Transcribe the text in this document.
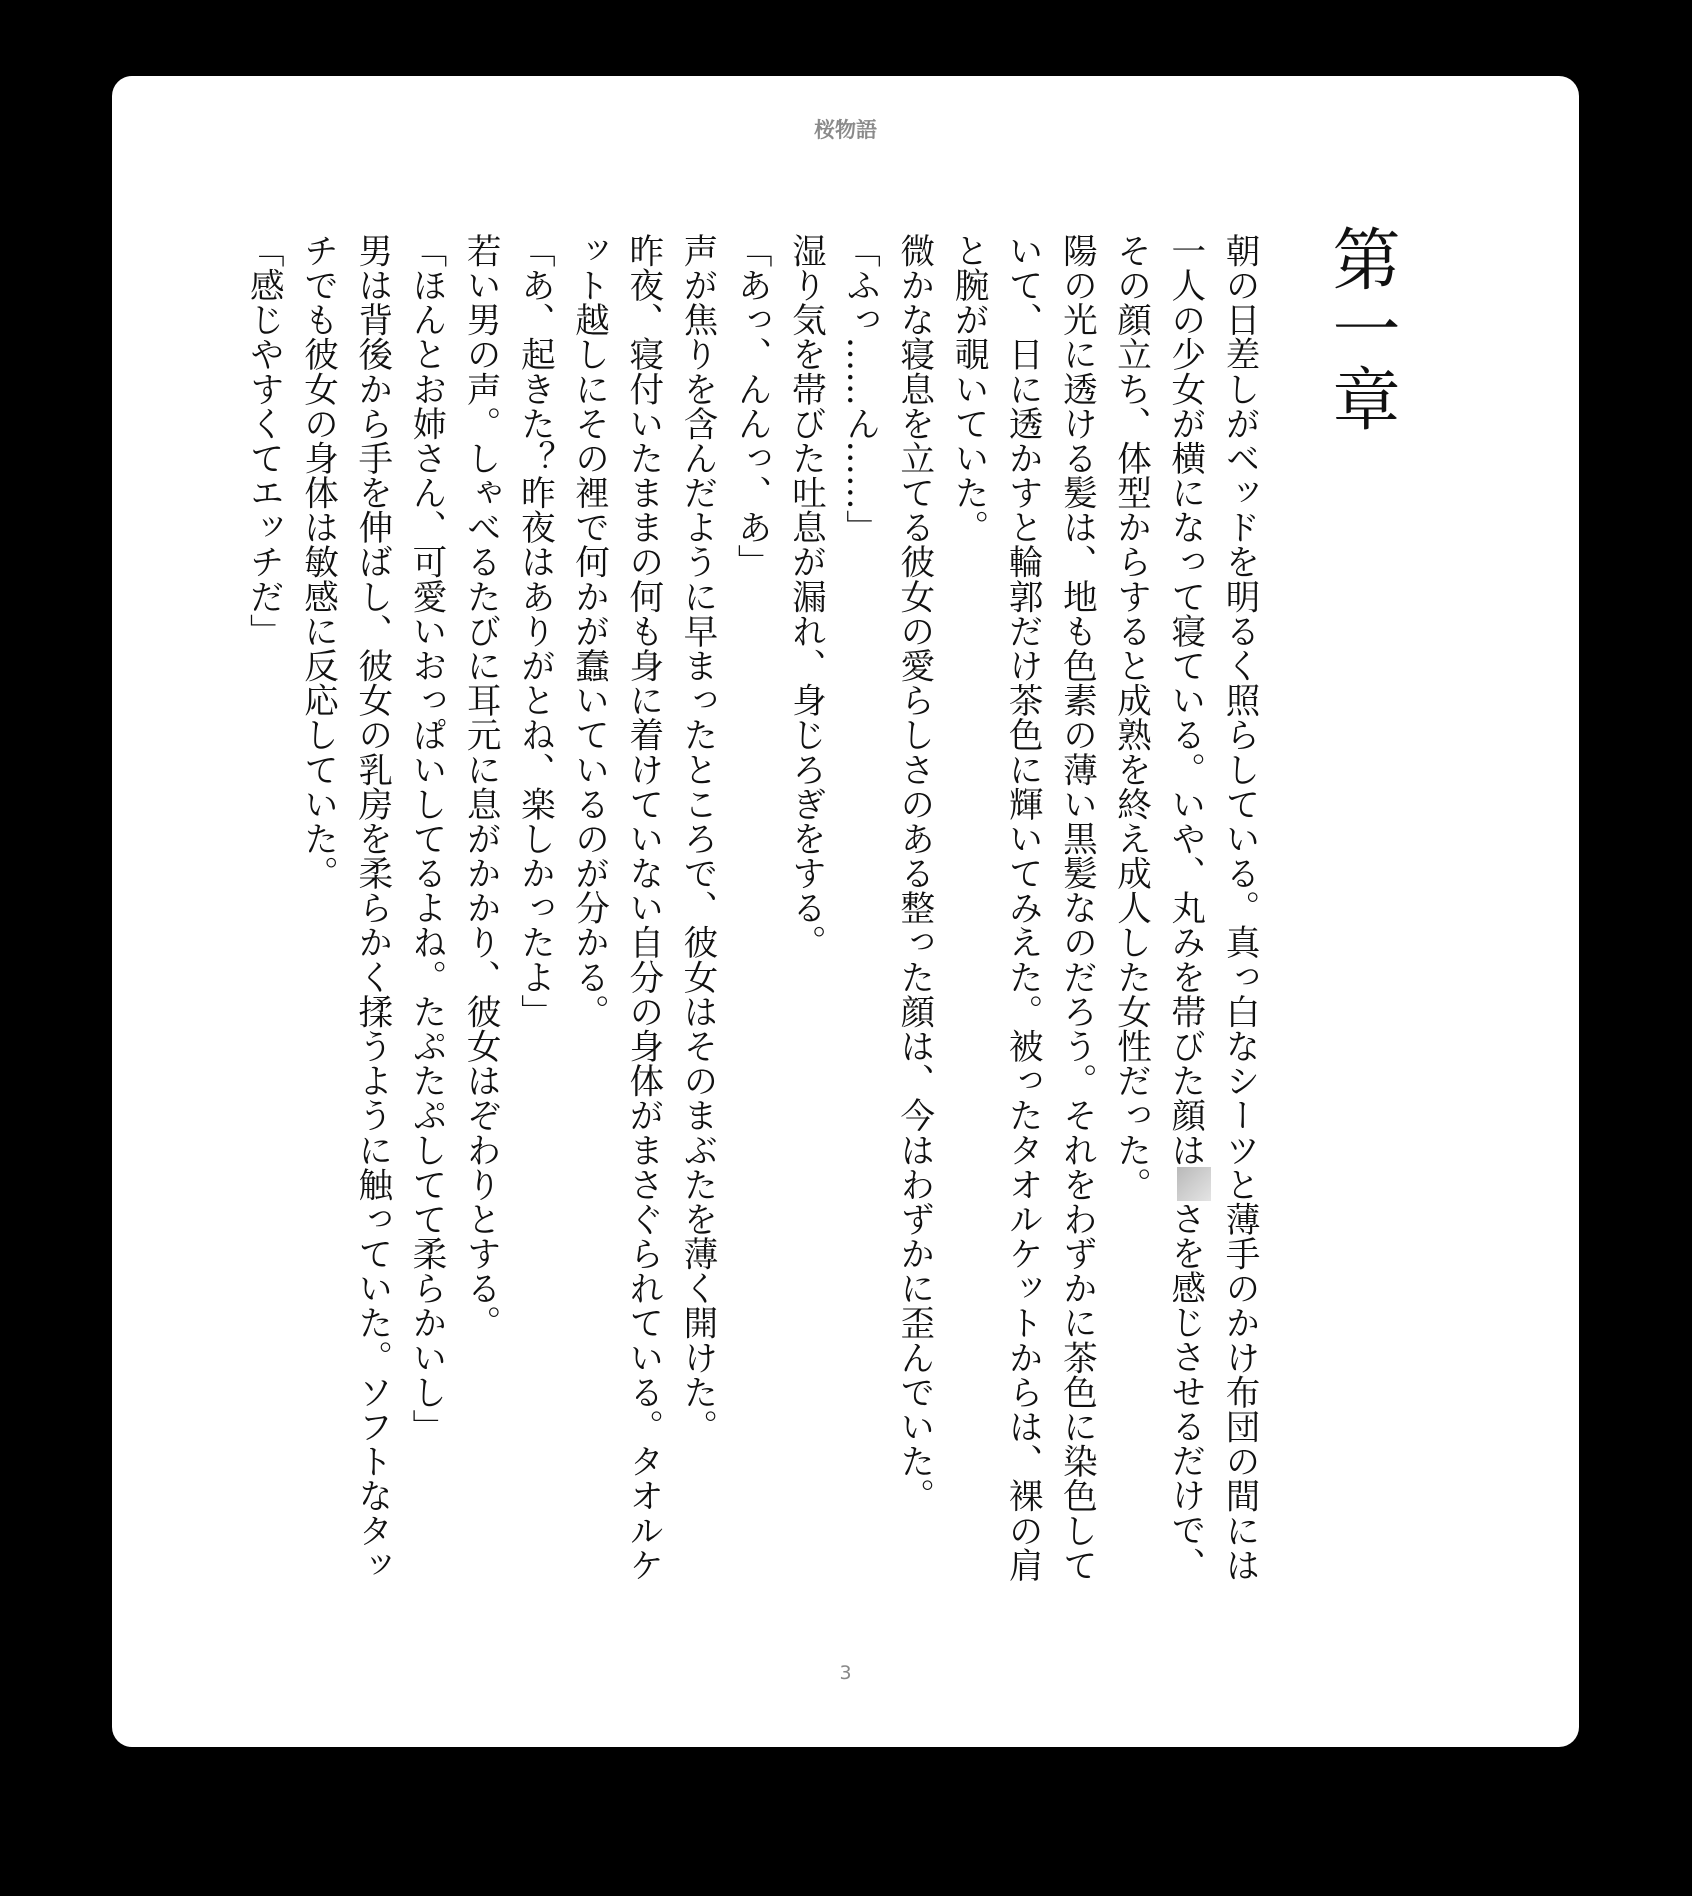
桜物語
第一章

朝の日差しがベッドを明るく照らしている。真っ白なシーツと薄手のかけ布団の間には一人の少女が横になって寝ている。いや、丸みを帯びた顔はさを感じさせるだけで、その顔立ち、体型からすると成熟を終え成人した女性だった。

陽の光に透ける髪は、地も色素の薄い黒髪なのだろう。それをわずかに茶色に染色していて、日に透かすと輪郭だけ茶色に輝いてみえた。被ったタオルケットからは、裸の肩と腕が覗いていた。

微かな寝息を立てる彼女の愛らしさのある整った顔は、今はわずかに歪んでいた。

「ふっ……ん……」

湿り気を帯びた吐息が漏れ、身じろぎをする。

「あっ、んんっ、あ」

声が焦りを含んだように早まったところで、彼女はそのまぶたを薄く開けた。

昨夜、寝付いたままの何も身に着けていない自分の身体がまさぐられている。タオルケット越しにその裡で何かが蠢いているのが分かる。

「あ、起きた？昨夜はありがとね、楽しかったよ」

若い男の声。しゃべるたびに耳元に息がかかり、彼女はぞわりとする。

「ほんとお姉さん、可愛いおっぱいしてるよね。たぷたぷしてて柔らかいし」

男は背後から手を伸ばし、彼女の乳房を柔らかく揉うように触っていた。ソフトなタッチでも彼女の身体は敏感に反応していた。

「感じやすくてエッチだ」

3
